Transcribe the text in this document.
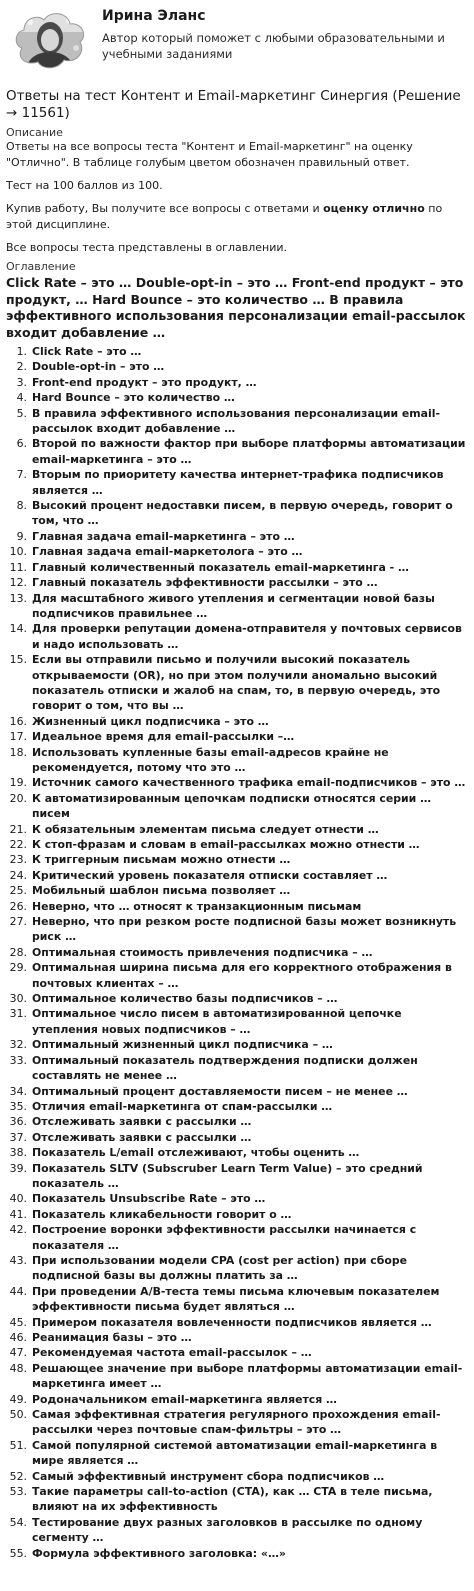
Ирина Эланс
Автор который поможет с любыми образовательными и учебными заданиями
Ответы на тест Контент и Email-маркетинг Синергия (Решение → 11561)
Описание

Ответы на все вопросы теста "Контент и Email-маркетинг" на оценку "Отлично". В таблице голубым цветом обозначен правильный ответ.

Тест на 100 баллов из 100.

Купив работу, Вы получите все вопросы с ответами и оценку отлично по этой дисциплине.

Все вопросы теста представлены в оглавлении.

Оглавление
Click Rate – это … Double-opt-in – это … Front-end продукт – это продукт, … Hard Bounce – это количество … В правила эффективного использования персонализации email-рассылок входит добавление …
1. Click Rate – это …
2. Double-opt-in – это …
3. Front-end продукт – это продукт, …
4. Hard Bounce – это количество …
5. В правила эффективного использования персонализации email-рассылок входит добавление …
6. Второй по важности фактор при выборе платформы автоматизации email-маркетинга – это …
7. Вторым по приоритету качества интернет-трафика подписчиков является …
8. Высокий процент недоставки писем, в первую очередь, говорит о том, что …
9. Главная задача email-маркетинга – это …
10. Главная задача email-маркетолога – это …
11. Главный количественный показатель email-маркетинга - …
12. Главный показатель эффективности рассылки – это …
13. Для масштабного живого утепления и сегментации новой базы подписчиков правильнее …
14. Для проверки репутации домена-отправителя у почтовых сервисов и надо использовать …
15. Если вы отправили письмо и получили высокий показатель открываемости (OR), но при этом получили аномально высокий показатель отписки и жалоб на спам, то, в первую очередь, это говорит о том, что вы …
16. Жизненный цикл подписчика – это …
17. Идеальное время для email-рассылки –…
18. Использовать купленные базы email-адресов крайне не рекомендуется, потому что это …
19. Источник самого качественного трафика email-подписчиков – это …
20. К автоматизированным цепочкам подписки относятся серии … писем
21. К обязательным элементам письма следует отнести …
22. К стоп-фразам и словам в email-рассылках можно отнести …
23. К триггерным письмам можно отнести …
24. Критический уровень показателя отписки составляет …
25. Мобильный шаблон письма позволяет …
26. Неверно, что … относят к транзакционным письмам
27. Неверно, что при резком росте подписной базы может возникнуть риск …
28. Оптимальная стоимость привлечения подписчика – …
29. Оптимальная ширина письма для его корректного отображения в почтовых клиентах – …
30. Оптимальное количество базы подписчиков – …
31. Оптимальное число писем в автоматизированной цепочке утепления новых подписчиков – …
32. Оптимальный жизненный цикл подписчика – …
33. Оптимальный показатель подтверждения подписки должен составлять не менее …
34. Оптимальный процент доставляемости писем – не менее …
35. Отличия email-маркетинга от спам-рассылки …
36. Отслеживать заявки с рассылки …
37. Отслеживать заявки с рассылки …
38. Показатель L/email отслеживают, чтобы оценить …
39. Показатель SLTV (Subscruber Learn Term Value) – это средний показатель …
40. Показатель Unsubscribe Rate – это …
41. Показатель кликабельности говорит о …
42. Построение воронки эффективности рассылки начинается с показателя …
43. При использовании модели CPA (cost per action) при сборе подписной базы вы должны платить за …
44. При проведении А/В-теста темы письма ключевым показателем эффективности письма будет являться …
45. Примером показателя вовлеченности подписчиков является …
46. Реанимация базы – это …
47. Рекомендуемая частота email-рассылок – …
48. Решающее значение при выборе платформы автоматизации email-маркетинга имеет …
49. Родоначальником email-маркетинга является …
50. Самая эффективная стратегия регулярного прохождения email-рассылки через почтовые спам-фильтры – это …
51. Самой популярной системой автоматизации email-маркетинга в мире является …
52. Самый эффективный инструмент сбора подписчиков …
53. Такие параметры call-to-action (CTA), как … CTA в теле письма, влияют на их эффективность
54. Тестирование двух разных заголовков в рассылке по одному сегменту …
55. Формула эффективного заголовка: «…»
